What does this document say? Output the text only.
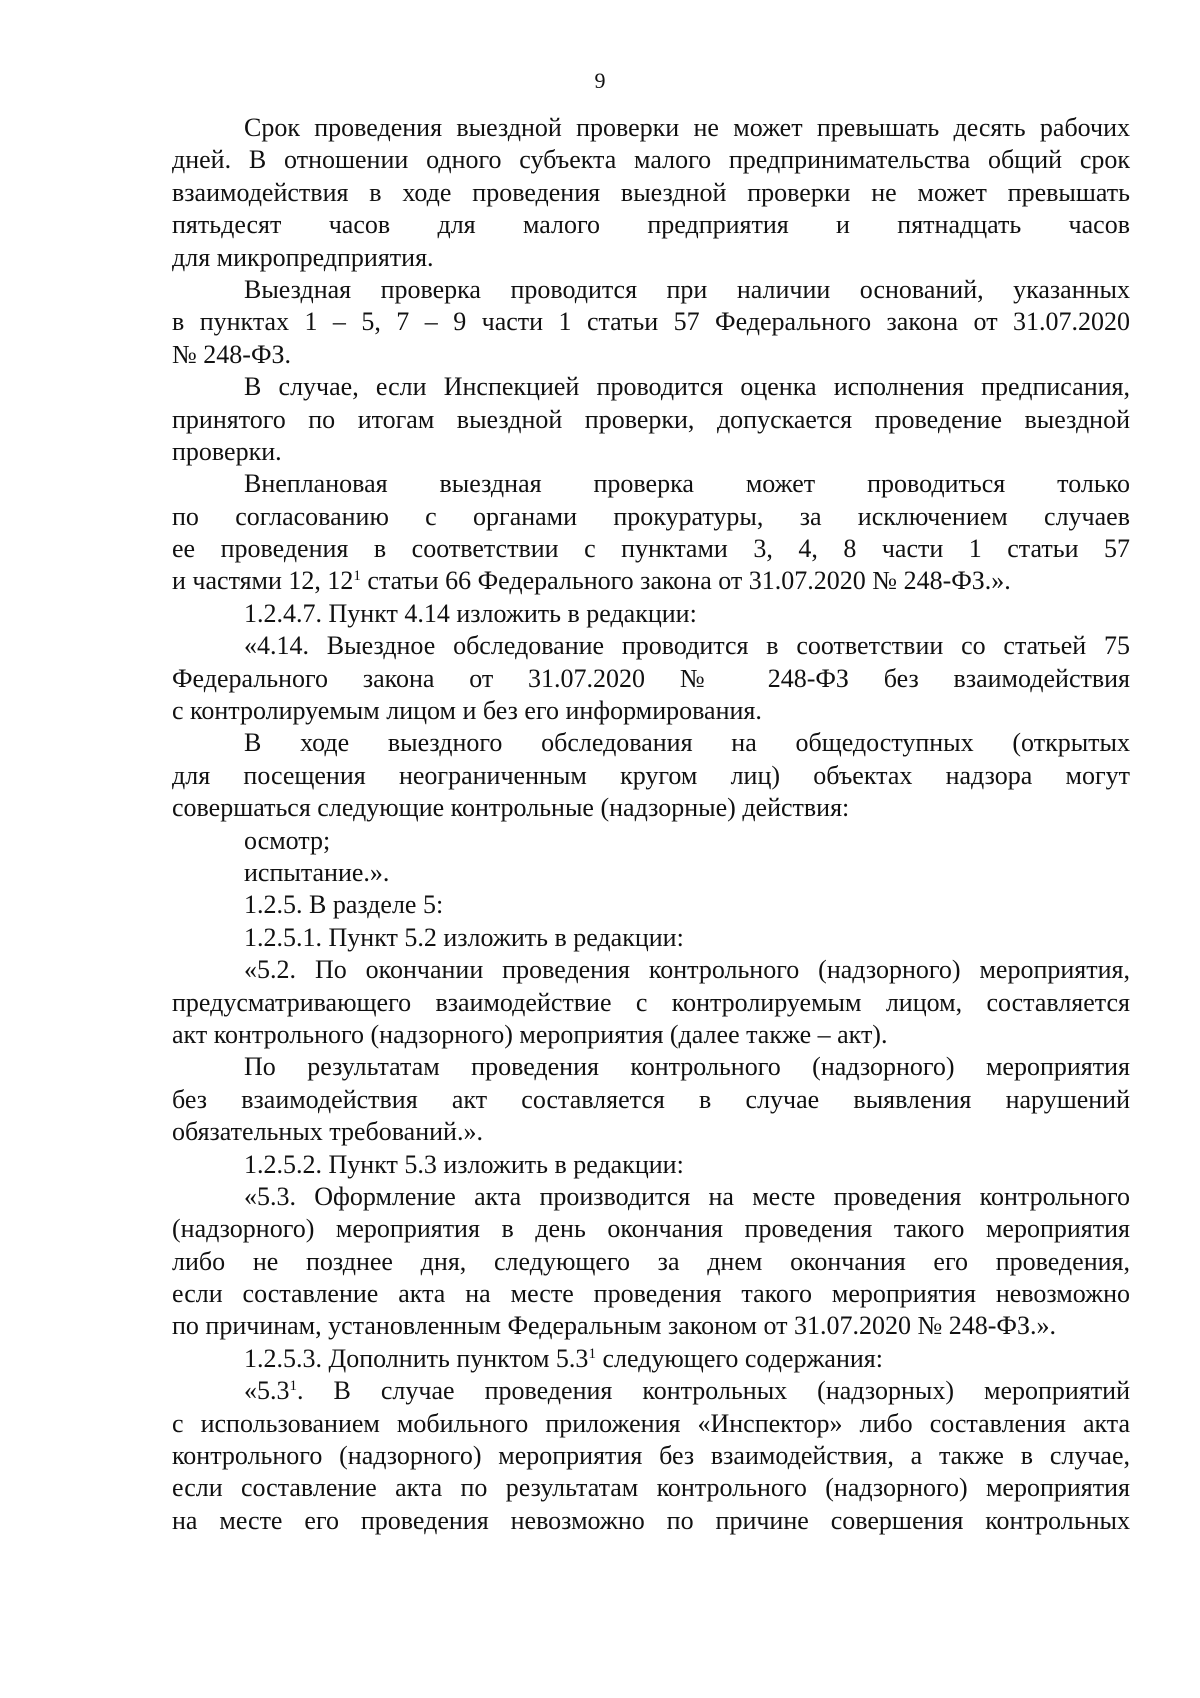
9
Срок проведения выездной проверки не может превышать десять рабочих
дней. В отношении одного субъекта малого предпринимательства общий срок
взаимодействия в ходе проведения выездной проверки не может превышать
пятьдесят часов для малого предприятия и пятнадцать часов
для микропредприятия.
Выездная проверка проводится при наличии оснований, указанных
в пунктах 1 – 5, 7 – 9 части 1 статьи 57 Федерального закона от 31.07.2020
№ 248-ФЗ.
В случае, если Инспекцией проводится оценка исполнения предписания,
принятого по итогам выездной проверки, допускается проведение выездной
проверки.
Внеплановая выездная проверка может проводиться только
по согласованию с органами прокуратуры, за исключением случаев
ее проведения в соответствии с пунктами 3, 4, 8 части 1 статьи 57
и частями 12, $12^1$ статьи 66 Федерального закона от 31.07.2020 № 248-ФЗ.».
1.2.4.7. Пункт 4.14 изложить в редакции:
«4.14. Выездное обследование проводится в соответствии со статьей 75
Федерального закона от 31.07.2020 № 248-ФЗ без взаимодействия
с контролируемым лицом и без его информирования.
В ходе выездного обследования на общедоступных (открытых
для посещения неограниченным кругом лиц) объектах надзора могут
совершаться следующие контрольные (надзорные) действия:
осмотр;
испытание.».
1.2.5. В разделе 5:
1.2.5.1. Пункт 5.2 изложить в редакции:
«5.2. По окончании проведения контрольного (надзорного) мероприятия,
предусматривающего взаимодействие с контролируемым лицом, составляется
акт контрольного (надзорного) мероприятия (далее также – акт).
По результатам проведения контрольного (надзорного) мероприятия
без взаимодействия акт составляется в случае выявления нарушений
обязательных требований.».
1.2.5.2. Пункт 5.3 изложить в редакции:
«5.3. Оформление акта производится на месте проведения контрольного
(надзорного) мероприятия в день окончания проведения такого мероприятия
либо не позднее дня, следующего за днем окончания его проведения,
если составление акта на месте проведения такого мероприятия невозможно
по причинам, установленным Федеральным законом от 31.07.2020 № 248-ФЗ.».
1.2.5.3. Дополнить пунктом $5.3^1$ следующего содержания:
«$5.3^1$. В случае проведения контрольных (надзорных) мероприятий
с использованием мобильного приложения «Инспектор» либо составления акта
контрольного (надзорного) мероприятия без взаимодействия, а также в случае,
если составление акта по результатам контрольного (надзорного) мероприятия
на месте его проведения невозможно по причине совершения контрольных
